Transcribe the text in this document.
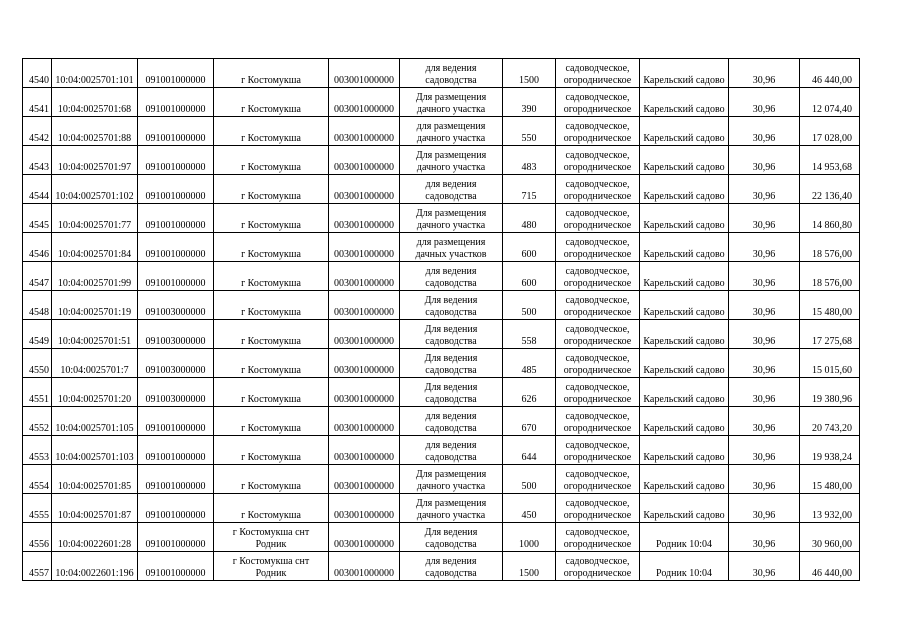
4540	10:04:0025701:101	091001000000	г Костомукша	003001000000	для ведения
садоводства	1500	садоводческое,
огородническое	Карельский садово	30,96	46 440,00

4541	10:04:0025701:68	091001000000	г Костомукша	003001000000	Для размещения
дачного участка	390	садоводческое,
огородническое	Карельский садово	30,96	12 074,40

4542	10:04:0025701:88	091001000000	г Костомукша	003001000000	для размещения
дачного участка	550	садоводческое,
огородническое	Карельский садово	30,96	17 028,00

4543	10:04:0025701:97	091001000000	г Костомукша	003001000000	Для размещения
дачного участка	483	садоводческое,
огородническое	Карельский садово	30,96	14 953,68

4544	10:04:0025701:102	091001000000	г Костомукша	003001000000	для ведения
садоводства	715	садоводческое,
огородническое	Карельский садово	30,96	22 136,40

4545	10:04:0025701:77	091001000000	г Костомукша	003001000000	Для размещения
дачного участка	480	садоводческое,
огородническое	Карельский садово	30,96	14 860,80

4546	10:04:0025701:84	091001000000	г Костомукша	003001000000	для размещения
дачных участков	600	садоводческое,
огородническое	Карельский садово	30,96	18 576,00

4547	10:04:0025701:99	091001000000	г Костомукша	003001000000	для ведения
садоводства	600	садоводческое,
огородническое	Карельский садово	30,96	18 576,00

4548	10:04:0025701:19	091003000000	г Костомукша	003001000000	Для ведения
садоводства	500	садоводческое,
огородническое	Карельский садово	30,96	15 480,00

4549	10:04:0025701:51	091003000000	г Костомукша	003001000000	Для ведения
садоводства	558	садоводческое,
огородническое	Карельский садово	30,96	17 275,68

4550	10:04:0025701:7	091003000000	г Костомукша	003001000000	Для ведения
садоводства	485	садоводческое,
огородническое	Карельский садово	30,96	15 015,60

4551	10:04:0025701:20	091003000000	г Костомукша	003001000000	Для ведения
садоводства	626	садоводческое,
огородническое	Карельский садово	30,96	19 380,96

4552	10:04:0025701:105	091001000000	г Костомукша	003001000000	для ведения
садоводства	670	садоводческое,
огородническое	Карельский садово	30,96	20 743,20

4553	10:04:0025701:103	091001000000	г Костомукша	003001000000	для ведения
садоводства	644	садоводческое,
огородническое	Карельский садово	30,96	19 938,24

4554	10:04:0025701:85	091001000000	г Костомукша	003001000000	Для размещения
дачного участка	500	садоводческое,
огородническое	Карельский садово	30,96	15 480,00

4555	10:04:0025701:87	091001000000	г Костомукша	003001000000	Для размещения
дачного участка	450	садоводческое,
огородническое	Карельский садово	30,96	13 932,00

4556	10:04:0022601:28	091001000000	г Костомукша снт
Родник	003001000000	Для ведения
садоводства	1000	садоводческое,
огородническое	Родник 10:04	30,96	30 960,00

4557	10:04:0022601:196	091001000000	г Костомукша снт
Родник	003001000000	для ведения
садоводства	1500	садоводческое,
огородническое	Родник 10:04	30,96	46 440,00
